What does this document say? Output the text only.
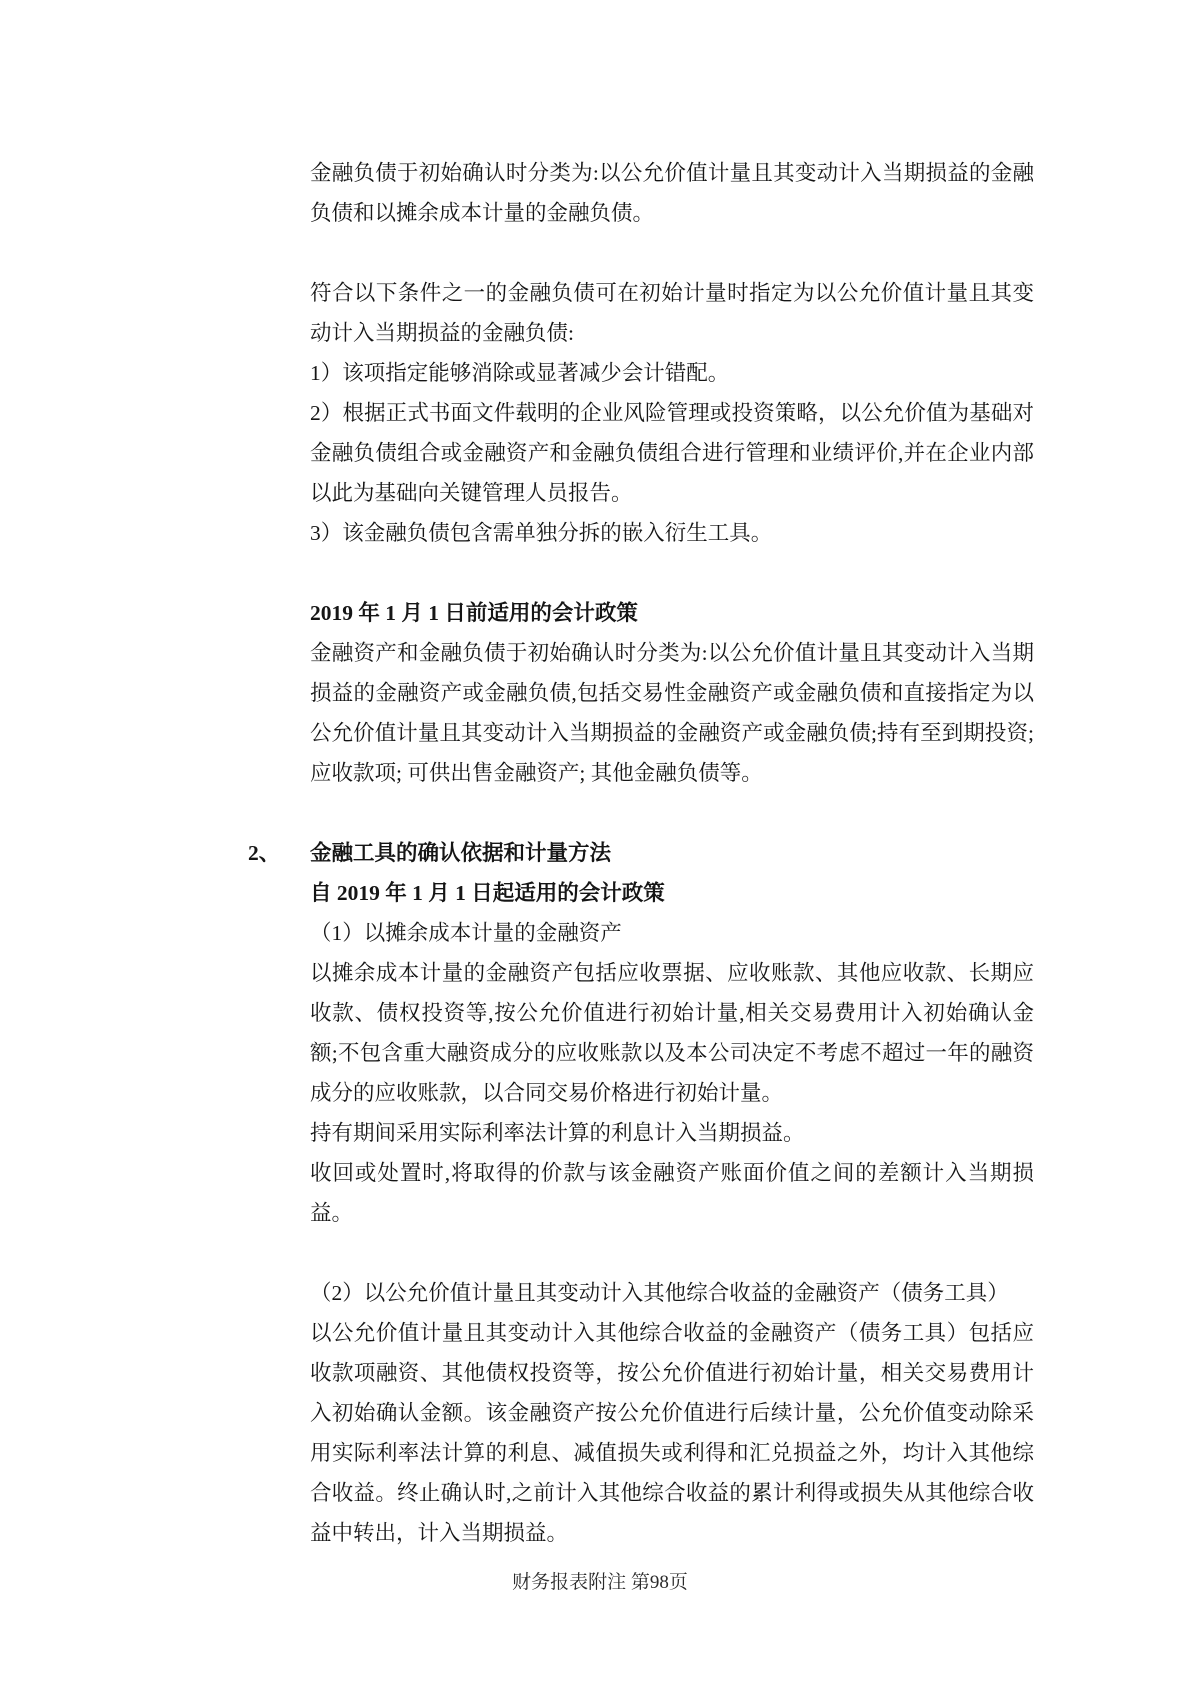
金融负债于初始确认时分类为:以公允价值计量且其变动计入当期损益的金融负债和以摊余成本计量的金融负债。
符合以下条件之一的金融负债可在初始计量时指定为以公允价值计量且其变动计入当期损益的金融负债:
1）该项指定能够消除或显著减少会计错配。
2）根据正式书面文件载明的企业风险管理或投资策略，以公允价值为基础对金融负债组合或金融资产和金融负债组合进行管理和业绩评价,并在企业内部以此为基础向关键管理人员报告。
3）该金融负债包含需单独分拆的嵌入衍生工具。
2019 年 1 月 1 日前适用的会计政策
金融资产和金融负债于初始确认时分类为:以公允价值计量且其变动计入当期损益的金融资产或金融负债,包括交易性金融资产或金融负债和直接指定为以公允价值计量且其变动计入当期损益的金融资产或金融负债;持有至到期投资;应收款项; 可供出售金融资产; 其他金融负债等。
2、 金融工具的确认依据和计量方法
自 2019 年 1 月 1 日起适用的会计政策
（1）以摊余成本计量的金融资产
以摊余成本计量的金融资产包括应收票据、应收账款、其他应收款、长期应收款、债权投资等,按公允价值进行初始计量,相关交易费用计入初始确认金额;不包含重大融资成分的应收账款以及本公司决定不考虑不超过一年的融资成分的应收账款，以合同交易价格进行初始计量。
持有期间采用实际利率法计算的利息计入当期损益。
收回或处置时,将取得的价款与该金融资产账面价值之间的差额计入当期损益。
（2）以公允价值计量且其变动计入其他综合收益的金融资产（债务工具）
以公允价值计量且其变动计入其他综合收益的金融资产（债务工具）包括应收款项融资、其他债权投资等，按公允价值进行初始计量，相关交易费用计入初始确认金额。该金融资产按公允价值进行后续计量，公允价值变动除采用实际利率法计算的利息、减值损失或利得和汇兑损益之外，均计入其他综合收益。终止确认时,之前计入其他综合收益的累计利得或损失从其他综合收益中转出，计入当期损益。
财务报表附注 第98页
